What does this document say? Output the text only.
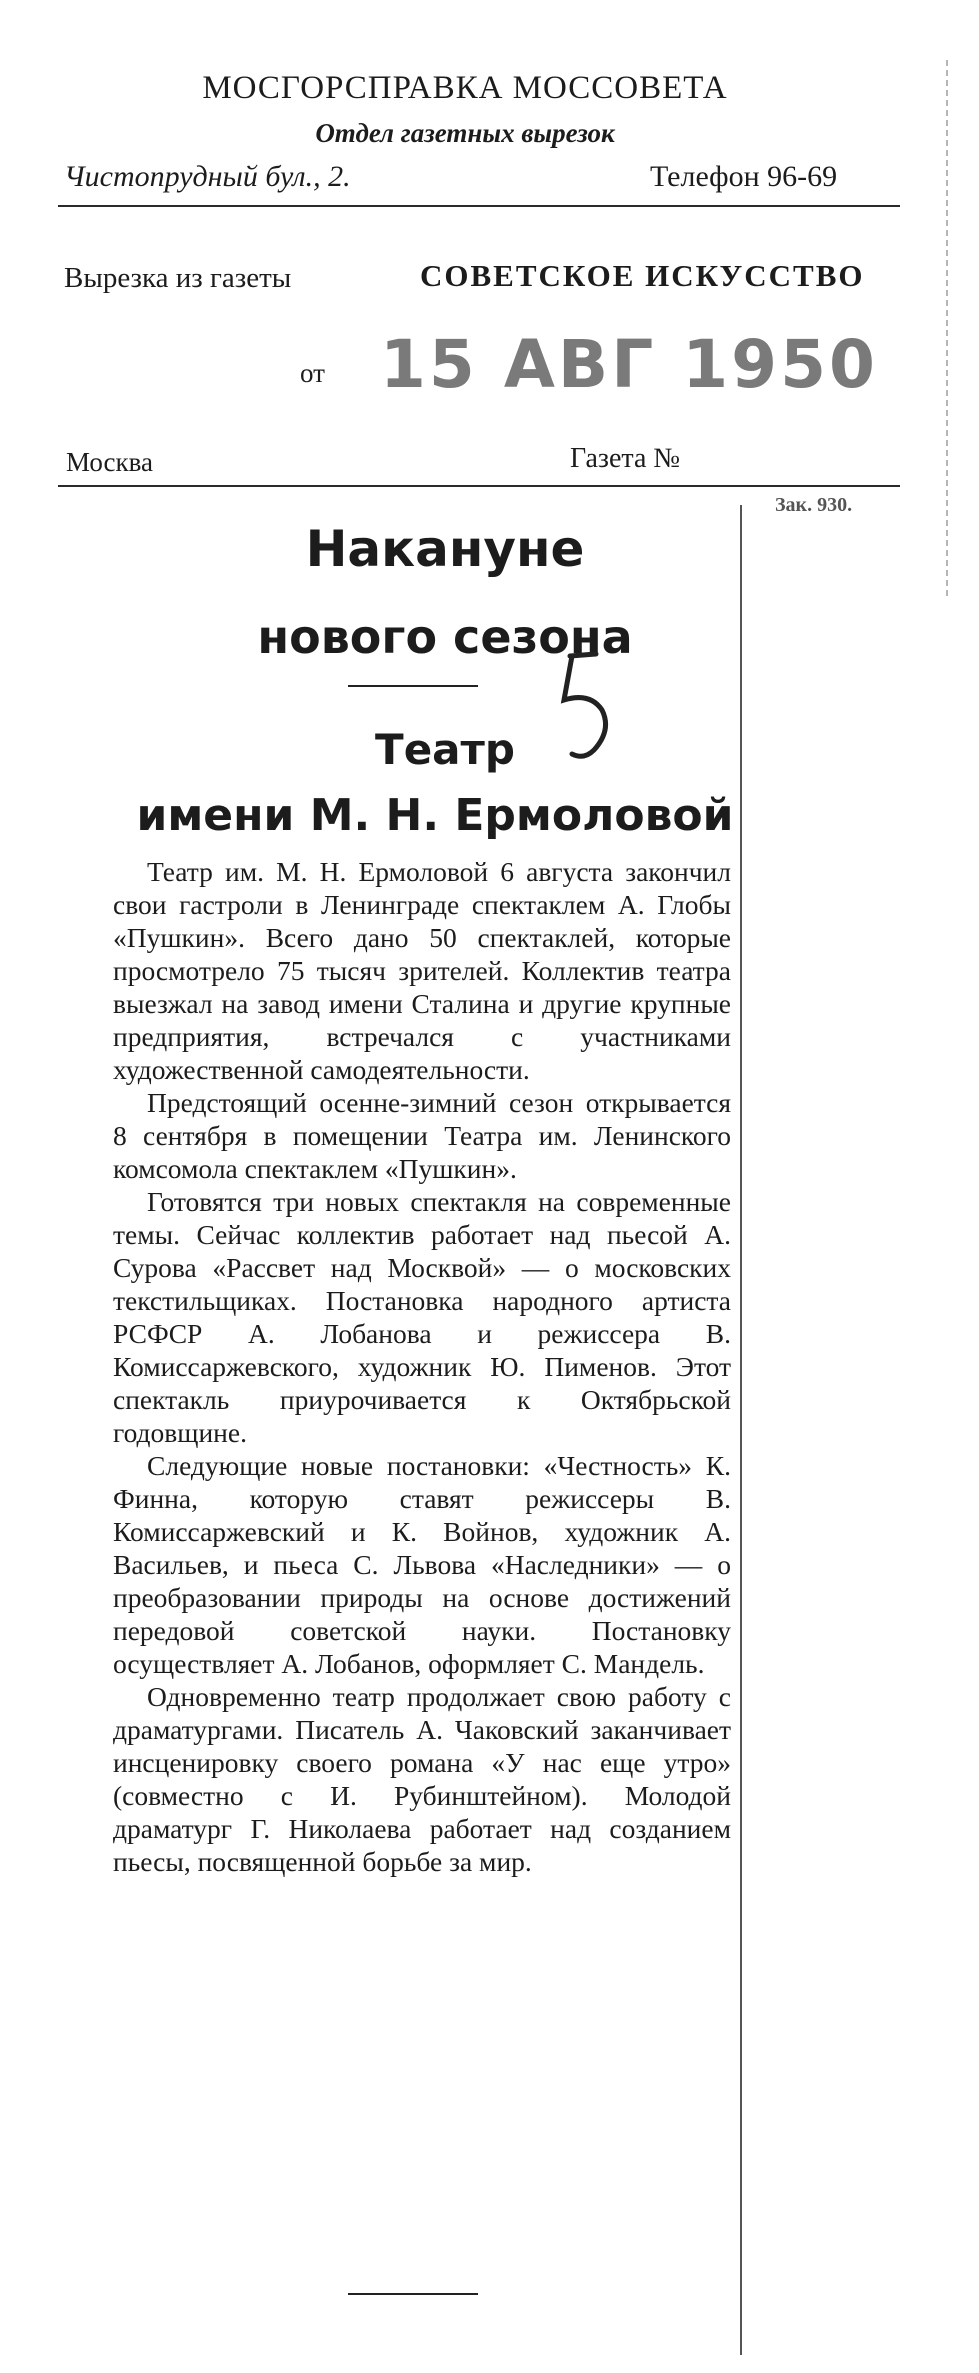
МОСГОРСПРАВКА МОССОВЕТА
Отдел газетных вырезок
Чистопрудный бул., 2.	Телефон 96-69
Вырезка из газеты	СОВЕТСКОЕ ИСКУССТВО
от 15 АВГ 1950
Москва	Газета №
Зак. 930.
Накануне
нового сезона
Театр
имени М. Н. Ермоловой

Театр им. М. Н. Ермоловой 6 августа закончил свои гастроли в Ленинграде спектаклем А. Глобы «Пушкин». Всего дано 50 спектаклей, которые просмотрело 75 тысяч зрителей. Коллектив театра выезжал на завод имени Сталина и другие крупные предприятия, встречался с участниками художественной самодеятельности.

Предстоящий осенне-зимний сезон открывается 8 сентября в помещении Театра им. Ленинского комсомола спектаклем «Пушкин».

Готовятся три новых спектакля на современные темы. Сейчас коллектив работает над пьесой А. Сурова «Рассвет над Москвой» — о московских текстильщиках. Постановка народного артиста РСФСР А. Лобанова и режиссера В. Комиссаржевского, художник Ю. Пименов. Этот спектакль приурочивается к Октябрьской годовщине.

Следующие новые постановки: «Честность» К. Финна, которую ставят режиссеры В. Комиссаржевский и К. Войнов, художник А. Васильев, и пьеса С. Львова «Наследники» — о преобразовании природы на основе достижений передовой советской науки. Постановку осуществляет А. Лобанов, оформляет С. Мандель.

Одновременно театр продолжает свою работу с драматургами. Писатель А. Чаковский заканчивает инсценировку своего романа «У нас еще утро» (совместно с И. Рубинштейном). Молодой драматург Г. Николаева работает над созданием пьесы, посвященной борьбе за мир.
